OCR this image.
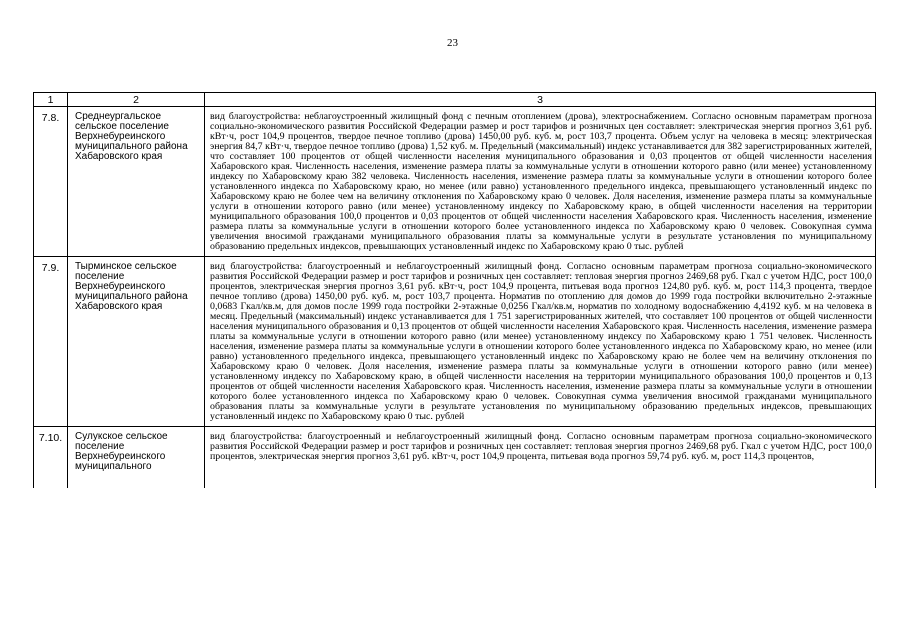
23
1	2	3
7.8.	Среднеургальское сельское поселение Верхнебуреинского муниципального района Хабаровского края	вид благоустройства: неблагоустроенный жилищный фонд с печным отоплением (дрова), электроснабжением. Согласно основным параметрам прогноза социально-экономического развития Российской Федерации размер и рост тарифов и розничных цен составляет: электрическая энергия прогноз 3,61 руб. кВт·ч, рост 104,9 процентов, твердое печное топливо (дрова) 1450,00 руб. куб. м, рост 103,7 процента. Объем услуг на человека в месяц: электрическая энергия 84,7 кВт·ч, твердое печное топливо (дрова) 1,52 куб. м. Предельный (максимальный) индекс устанавливается для 382 зарегистрированных жителей, что составляет 100 процентов от общей численности населения муниципального образования и 0,03 процентов от общей численности населения Хабаровского края. Численность населения, изменение размера платы за коммунальные услуги в отношении которого равно (или менее) установленному индексу по Хабаровскому краю 382 человека. Численность населения, изменение размера платы за коммунальные услуги в отношении которого более установленного индекса по Хабаровскому краю, но менее (или равно) установленного предельного индекса, превышающего установленный индекс по Хабаровскому краю не более чем на величину отклонения по Хабаровскому краю 0 человек. Доля населения, изменение размера платы за коммунальные услуги в отношении которого равно (или менее) установленному индексу по Хабаровскому краю, в общей численности населения на территории муниципального образования 100,0 процентов и 0,03 процентов от общей численности населения Хабаровского края. Численность населения, изменение размера платы за коммунальные услуги в отношении которого более установленного индекса по Хабаровскому краю 0 человек. Совокупная сумма увеличения вносимой гражданами муниципального образования платы за коммунальные услуги в результате установления по муниципальному образованию предельных индексов, превышающих установленный индекс по Хабаровскому краю 0 тыс. рублей
7.9.	Тырминское сельское поселение Верхнебуреинского муниципального района Хабаровского края	вид благоустройства: благоустроенный и неблагоустроенный жилищный фонд. Согласно основным параметрам прогноза социально-экономического развития Российской Федерации размер и рост тарифов и розничных цен составляет: тепловая энергия прогноз 2469,68 руб. Гкал с учетом НДС, рост 100,0 процентов, электрическая энергия прогноз 3,61 руб. кВт·ч, рост 104,9 процента, питьевая вода прогноз 124,80 руб. куб. м, рост 114,3 процента, твердое печное топливо (дрова) 1450,00 руб. куб. м, рост 103,7 процента. Норматив по отоплению для домов до 1999 года постройки включительно 2-этажные 0,0683 Гкал/кв.м, для домов после 1999 года постройки 2-этажные 0,0256 Гкал/кв.м, норматив по холодному водоснабжению 4,4192 куб. м на человека в месяц. Предельный (максимальный) индекс устанавливается для 1 751 зарегистрированных жителей, что составляет 100 процентов от общей численности населения муниципального образования и 0,13 процентов от общей численности населения Хабаровского края. Численность населения, изменение размера платы за коммунальные услуги в отношении которого равно (или менее) установленному индексу по Хабаровскому краю 1 751 человек. Численность населения, изменение размера платы за коммунальные услуги в отношении которого более установленного индекса по Хабаровскому краю, но менее (или равно) установленного предельного индекса, превышающего установленный индекс по Хабаровскому краю не более чем на величину отклонения по Хабаровскому краю 0 человек. Доля населения, изменение размера платы за коммунальные услуги в отношении которого равно (или менее) установленному индексу по Хабаровскому краю, в общей численности населения на территории муниципального образования 100,0 процентов и 0,13 процентов от общей численности населения Хабаровского края. Численность населения, изменение размера платы за коммунальные услуги в отношении которого более установленного индекса по Хабаровскому краю 0 человек. Совокупная сумма увеличения вносимой гражданами муниципального образования платы за коммунальные услуги в результате установления по муниципальному образованию предельных индексов, превышающих установленный индекс по Хабаровскому краю 0 тыс. рублей
7.10.	Сулукское сельское поселение Верхнебуреинского муниципального	вид благоустройства: благоустроенный и неблагоустроенный жилищный фонд. Согласно основным параметрам прогноза социально-экономического развития Российской Федерации размер и рост тарифов и розничных цен составляет: тепловая энергия прогноз 2469,68 руб. Гкал с учетом НДС, рост 100,0 процентов, электрическая энергия прогноз 3,61 руб. кВт·ч, рост 104,9 процента, питьевая вода прогноз 59,74 руб. куб. м, рост 114,3 процентов,
